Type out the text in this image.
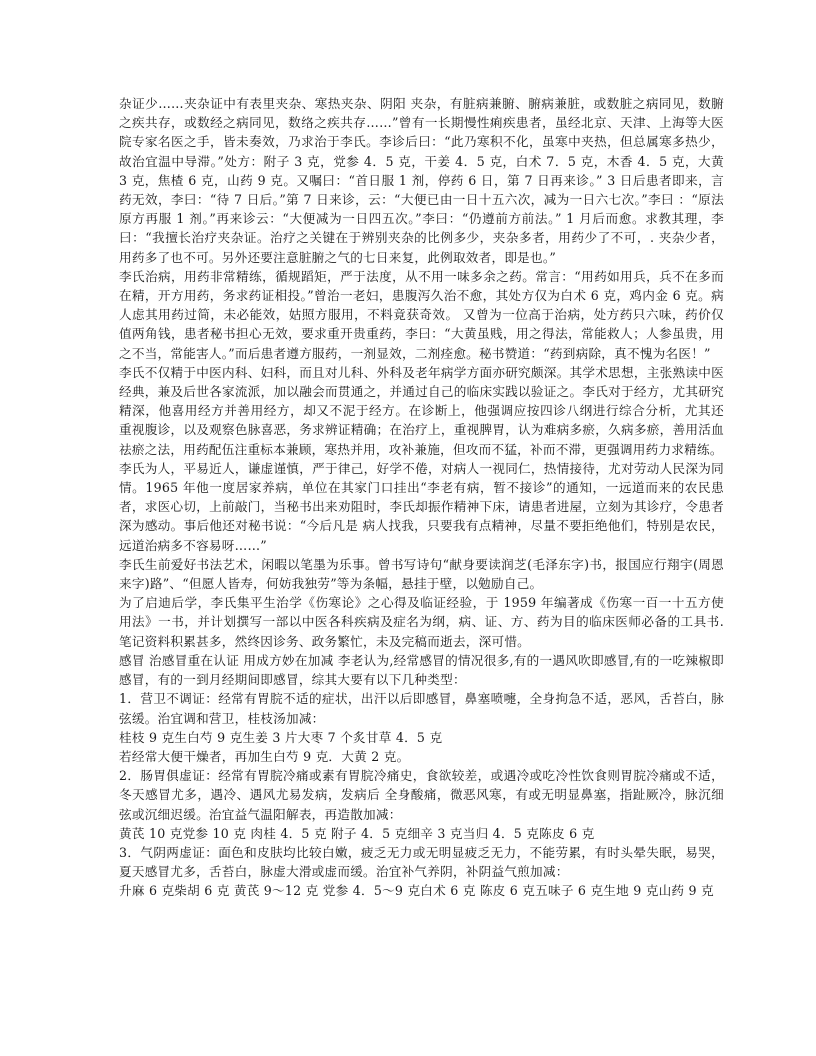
杂证少……夹杂证中有表里夹杂、寒热夹杂、阴阳 夹杂，有脏病兼腑、腑病兼脏，或数脏之病同见，数腑之疾共存，或数经之病同见，数络之疾共存……”曾有一长期慢性痢疾患者，虽经北京、天津、上海等大医院专家名医之手，皆未奏效，乃求治于李氏。李诊后曰：“此乃寒积不化，虽寒中夹热，但总属寒多热少，故治宜温中导滞。”处方：附子 3 克，党参 4．5 克，干姜 4．5 克，白术 7．5 克，木香 4．5 克，大黄 3 克，焦楂 6 克，山药 9 克。又嘱曰：“首日服 1 剂，停药 6 日，第 7 日再来诊。” 3 日后患者即来，言药无效，李曰：“待 7 日后。”第 7 日来诊，云：“大便已由一日十五六次，减为一日六七次。”李曰 ：“原法原方再服 1 剂。”再来诊云：“大便减为一日四五次。”李曰：“仍遵前方前法。” 1 月后而愈。求教其理，李曰：“我擅长治疗夹杂证。治疗之关键在于辨别夹杂的比例多少，夹杂多者，用药少了不可，. 夹杂少者，用药多了也不可。另外还要注意脏腑之气的七日来复，此例取效者，即是也。”

李氏治病，用药非常精练，循规蹈矩，严于法度，从不用一味多余之药。常言：“用药如用兵，兵不在多而在精，开方用药，务求药证相投。”曾治一老妇，患腹泻久治不愈，其处方仅为白术 6 克，鸡内金 6 克。病人虑其用药过简，未必能效，姑照方服用，不料竟获奇效。 又曾为一位高于治病，处方药只六味，药价仅值两角钱，患者秘书担心无效，要求重开贵重药，李曰：“大黄虽贱，用之得法，常能救人；人参虽贵，用之不当，常能害人。”而后患者遵方服药，一剂显效，二剂痊愈。秘书赞道：“药到病除，真不愧为名医！”

李氏不仅精于中医内科、妇科，而且对儿科、外科及老年病学方面亦研究颇深。其学术思想，主张熟读中医经典，兼及后世各家流派，加以融会而贯通之，并通过自己的临床实践以验证之。李氏对于经方，尤其研究精深，他喜用经方并善用经方，却又不泥于经方。在诊断上，他强调应按四诊八纲进行综合分析，尤其还 重视腹诊，以及观察色脉喜恶，务求辨证精确；在治疗上，重视脾胃，认为难病多瘀，久病多瘀，善用活血祛瘀之法，用药配伍注重标本兼顾，寒热并用，攻补兼施，但攻而不猛，补而不滞，更强调用药力求精练。

李氏为人，平易近人，谦虚谨慎，严于律己，好学不倦，对病人一视同仁，热情接待，尤对劳动人民深为同情。1965 年他一度居家养病，单位在其家门口挂出“李老有病，暂不接诊”的通知，一远道而来的农民患者，求医心切，上前敲门，当秘书出来劝阻时，李氏却振作精神下床，请患者进屋，立刻为其诊疗，令患者深为感动。事后他还对秘书说：“今后凡是 病人找我，只要我有点精神，尽量不要拒绝他们，特别是农民，远道治病多不容易呀……”

李氏生前爱好书法艺术，闲暇以笔墨为乐事。曾书写诗句“献身要读润芝(毛泽东字)书，报国应行翔宇(周恩来字)路”、“但愿人皆寿，何妨我独劳”等为条幅，悬挂于壁，以勉励自己。

为了启迪后学，李氏集平生治学《伤寒论》之心得及临证经验，于 1959 年编著成《伤寒一百一十五方使用法》一书，并计划撰写一部以中医各科疾病及症名为纲，病、证、方、药为目的临床医师必备的工具书. 笔记资料积累甚多，然终因诊务、政务繁忙，未及完稿而逝去，深可惜。

感冒 治感冒重在认证 用成方妙在加减 李老认为,经常感冒的情况很多,有的一遇风吹即感冒,有的一吃辣椒即感冒，有的一到月经期间即感冒，综其大要有以下几种类型：

1．营卫不调证：经常有胃脘不适的症状，出汗以后即感冒，鼻塞喷嚏，全身拘急不适，恶风，舌苔白，脉弦缓。治宜调和营卫，桂枝汤加减：

桂枝 9 克生白芍 9 克生姜 3 片大枣 7 个炙甘草 4．5 克

若经常大便干燥者，再加生白芍 9 克．大黄 2 克。

2．肠胃俱虚证：经常有胃脘冷痛或素有胃脘冷痛史，食欲较差，或遇冷或吃冷性饮食则胃脘冷痛或不适，冬天感冒尤多，遇冷、遇风尤易发病，发病后 全身酸痛，微恶风寒，有或无明显鼻塞，指趾厥冷，脉沉细弦或沉细迟缓。治宜益气温阳解表，再造散加减：

黄芪 10 克党参 10 克 肉桂 4．5 克 附子 4．5 克细辛 3 克当归 4．5 克陈皮 6 克

3．气阴两虚证：面色和皮肤均比较白嫩，疲乏无力或无明显疲乏无力，不能劳累，有时头晕失眠，易哭，夏天感冒尤多，舌苔白，脉虚大滑或虚而缓。治宜补气养阴，补阴益气煎加减：

升麻 6 克柴胡 6 克 黄芪 9～12 克 党参 4．5～9 克白术 6 克 陈皮 6 克五味子 6 克生地 9 克山药 9 克
